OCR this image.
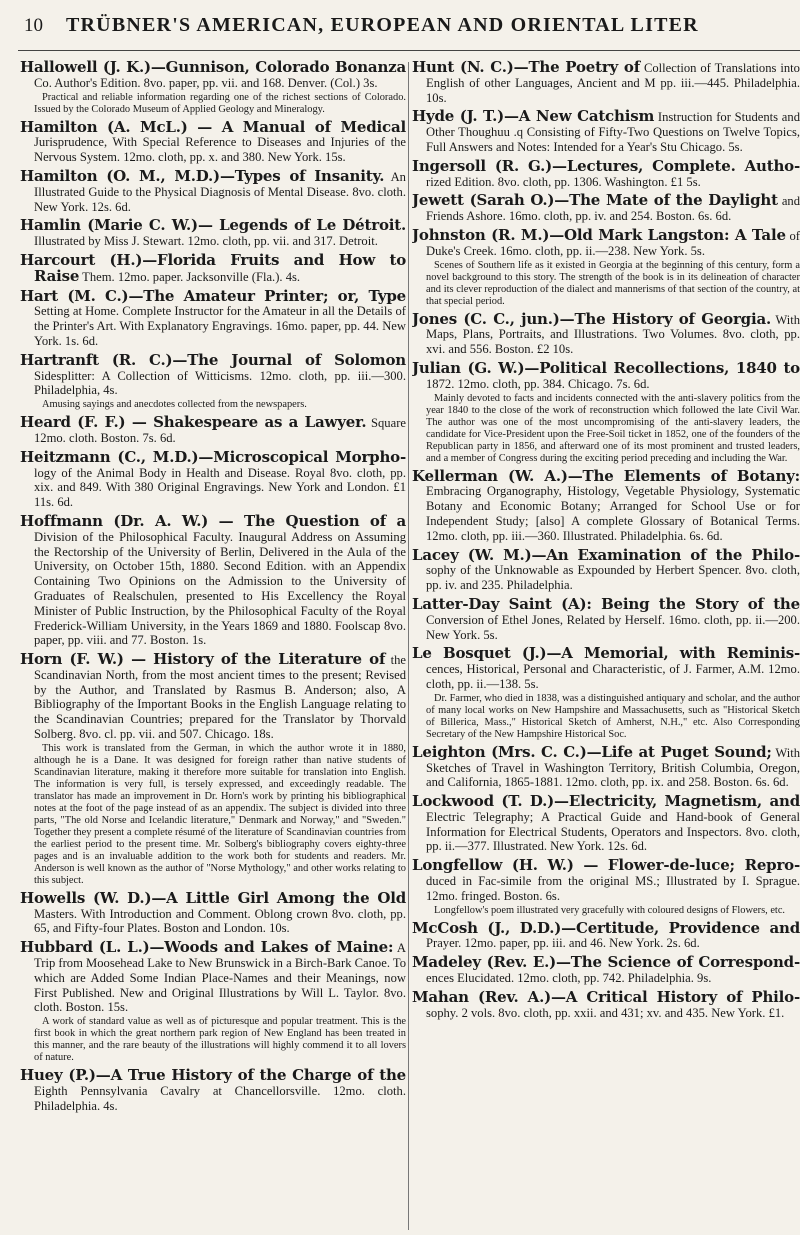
10 TRÜBNER'S AMERICAN, EUROPEAN AND ORIENTAL LITER

Hallowell (J. K.)—Gunnison, Colorado Bonanza Co. Author's Edition. 8vo. paper, pp. vii. and 168. Denver. (Col.) 3s.

Practical and reliable information regarding one of the richest sections of Colorado. Issued by the Colorado Museum of Applied Geology and Mineralogy.

Hamilton (A. McL.) — A Manual of Medical Jurisprudence, With Special Reference to Diseases and Injuries of the Nervous System. 12mo. cloth, pp. x. and 380. New York. 15s.

Hamilton (O. M., M.D.)—Types of Insanity. An Illustrated Guide to the Physical Diagnosis of Mental Disease. 8vo. cloth. New York. 12s. 6d.

Hamlin (Marie C. W.)— Legends of Le Détroit. Illustrated by Miss J. Stewart. 12mo. cloth, pp. vii. and 317. Detroit.

Harcourt (H.)—Florida Fruits and How to Raise Them. 12mo. paper. Jacksonville (Fla.). 4s.

Hart (M. C.)—The Amateur Printer; or, Type Setting at Home. Complete Instructor for the Amateur in all the Details of the Printer's Art. With Explanatory Engravings. 16mo. paper, pp. 44. New York. 1s. 6d.

Hartranft (R. C.)—The Journal of Solomon Sidesplitter: A Collection of Witticisms. 12mo. cloth, pp. iii.—300. Philadelphia, 4s.

Amusing sayings and anecdotes collected from the newspapers.

Heard (F. F.) — Shakespeare as a Lawyer. Square 12mo. cloth. Boston. 7s. 6d.

Heitzmann (C., M.D.)—Microscopical Morpho- logy of the Animal Body in Health and Disease. Royal 8vo. cloth, pp. xix. and 849. With 380 Original Engravings. New York and London. £1 11s. 6d.

Hoffmann (Dr. A. W.) — The Question of a Division of the Philosophical Faculty. Inaugural Address on Assuming the Rectorship of the University of Berlin, Delivered in the Aula of the University, on October 15th, 1880. Second Edition. with an Appendix Containing Two Opinions on the Admission to the University of Graduates of Realschulen, presented to His Excellency the Royal Minister of Public Instruction, by the Philosophical Faculty of the Royal Frederick-William University, in the Years 1869 and 1880. Foolscap 8vo. paper, pp. viii. and 77. Boston. 1s.

Horn (F. W.) — History of the Literature of the Scandinavian North, from the most ancient times to the present; Revised by the Author, and Translated by Rasmus B. Anderson; also, A Bibliography of the Important Books in the English Language relating to the Scandinavian Countries; prepared for the Translator by Thorvald Solberg. 8vo. cl. pp. vii. and 507. Chicago. 18s.

This work is translated from the German, in which the author wrote it in 1880, although he is a Dane. It was designed for foreign rather than native students of Scandinavian literature, making it therefore more suitable for translation into English. The information is very full, is tersely expressed, and exceedingly readable. The translator has made an improvement in Dr. Horn's work by printing his bibliographical notes at the foot of the page instead of as an appendix. The subject is divided into three parts, "The old Norse and Icelandic literature," Denmark and Norway," and "Sweden." Together they present a complete résumé of the literature of Scandinavian countries from the earliest period to the present time. Mr. Solberg's bibliography covers eighty-three pages and is an invaluable addition to the work both for students and readers. Mr. Anderson is well known as the author of "Norse Mythology," and other works relating to this subject.

Howells (W. D.)—A Little Girl Among the Old Masters. With Introduction and Comment. Oblong crown 8vo. cloth, pp. 65, and Fifty-four Plates. Boston and London. 10s.

Hubbard (L. L.)—Woods and Lakes of Maine: A Trip from Moosehead Lake to New Brunswick in a Birch-Bark Canoe. To which are Added Some Indian Place-Names and their Meanings, now First Published. New and Original Illustrations by Will L. Taylor. 8vo. cloth. Boston. 15s.

A work of standard value as well as of picturesque and popular treatment. This is the first book in which the great northern park region of New England has been treated in this manner, and the rare beauty of the illustrations will highly commend it to all lovers of nature.

Huey (P.)—A True History of the Charge of the Eighth Pennsylvania Cavalry at Chancellorsville. 12mo. cloth. Philadelphia. 4s.

Hunt (N. C.)—The Poetry of Collection of Translations into English of other Languages, Ancient and M pp. iii.—445. Philadelphia. 10s.

Hyde (J. T.)—A New Catchism Instruction for Students and Other Thoughuu .q Consisting of Fifty-Two Questions on Twelve Topics, Full Answers and Notes: Intended for a Year's Stu Chicago. 5s.

Ingersoll (R. G.)—Lectures, Complete. Autho- rized Edition. 8vo. cloth, pp. 1306. Washington. £1 5s.

Jewett (Sarah O.)—The Mate of the Daylight and Friends Ashore. 16mo. cloth, pp. iv. and 254. Boston. 6s. 6d.

Johnston (R. M.)—Old Mark Langston: A Tale of Duke's Creek. 16mo. cloth, pp. ii.—238. New York. 5s.

Scenes of Southern life as it existed in Georgia at the beginning of this century, form a novel background to this story. The strength of the book is in its delineation of character and its clever reproduction of the dialect and mannerisms of that section of the country, at that special period.

Jones (C. C., jun.)—The History of Georgia. With Maps, Plans, Portraits, and Illustrations. Two Volumes. 8vo. cloth, pp. xvi. and 556. Boston. £2 10s.

Julian (G. W.)—Political Recollections, 1840 to 1872. 12mo. cloth, pp. 384. Chicago. 7s. 6d.

Mainly devoted to facts and incidents connected with the anti-slavery politics from the year 1840 to the close of the work of reconstruction which followed the late Civil War. The author was one of the most uncompromising of the anti-slavery leaders, the candidate for Vice-President upon the Free-Soil ticket in 1852, one of the founders of the Republican party in 1856, and afterward one of its most prominent and trusted leaders, and a member of Congress during the exciting period preceding and including the War.

Kellerman (W. A.)—The Elements of Botany: Embracing Organography, Histology, Vegetable Physiology, Systematic Botany and Economic Botany; Arranged for School Use or for Independent Study; [also] A complete Glossary of Botanical Terms. 12mo. cloth, pp. iii.—360. Illustrated. Philadelphia. 6s. 6d.

Lacey (W. M.)—An Examination of the Philo- sophy of the Unknowable as Expounded by Herbert Spencer. 8vo. cloth, pp. iv. and 235. Philadelphia.

Latter-Day Saint (A): Being the Story of the Conversion of Ethel Jones, Related by Herself. 16mo. cloth, pp. ii.—200. New York. 5s.

Le Bosquet (J.)—A Memorial, with Reminis- cences, Historical, Personal and Characteristic, of J. Farmer, A.M. 12mo. cloth, pp. ii.—138. 5s.

Dr. Farmer, who died in 1838, was a distinguished antiquary and scholar, and the author of many local works on New Hampshire and Massachusetts, such as "Historical Sketch of Billerica, Mass.," Historical Sketch of Amherst, N.H.," etc. Also Corresponding Secretary of the New Hampshire Historical Soc.

Leighton (Mrs. C. C.)—Life at Puget Sound; With Sketches of Travel in Washington Territory, British Columbia, Oregon, and California, 1865-1881. 12mo. cloth, pp. ix. and 258. Boston. 6s. 6d.

Lockwood (T. D.)—Electricity, Magnetism, and Electric Telegraphy; A Practical Guide and Hand-book of General Information for Electrical Students, Operators and Inspectors. 8vo. cloth, pp. ii.—377. Illustrated. New York. 12s. 6d.

Longfellow (H. W.) — Flower-de-luce; Repro- duced in Fac-simile from the original MS.; Illustrated by I. Sprague. 12mo. fringed. Boston. 6s.

Longfellow's poem illustrated very gracefully with coloured designs of Flowers, etc.

McCosh (J., D.D.)—Certitude, Providence and Prayer. 12mo. paper, pp. iii. and 46. New York. 2s. 6d.

Madeley (Rev. E.)—The Science of Correspond- ences Elucidated. 12mo. cloth, pp. 742. Philadelphia. 9s.

Mahan (Rev. A.)—A Critical History of Philo- sophy. 2 vols. 8vo. cloth, pp. xxii. and 431; xv. and 435. New York. £1.
